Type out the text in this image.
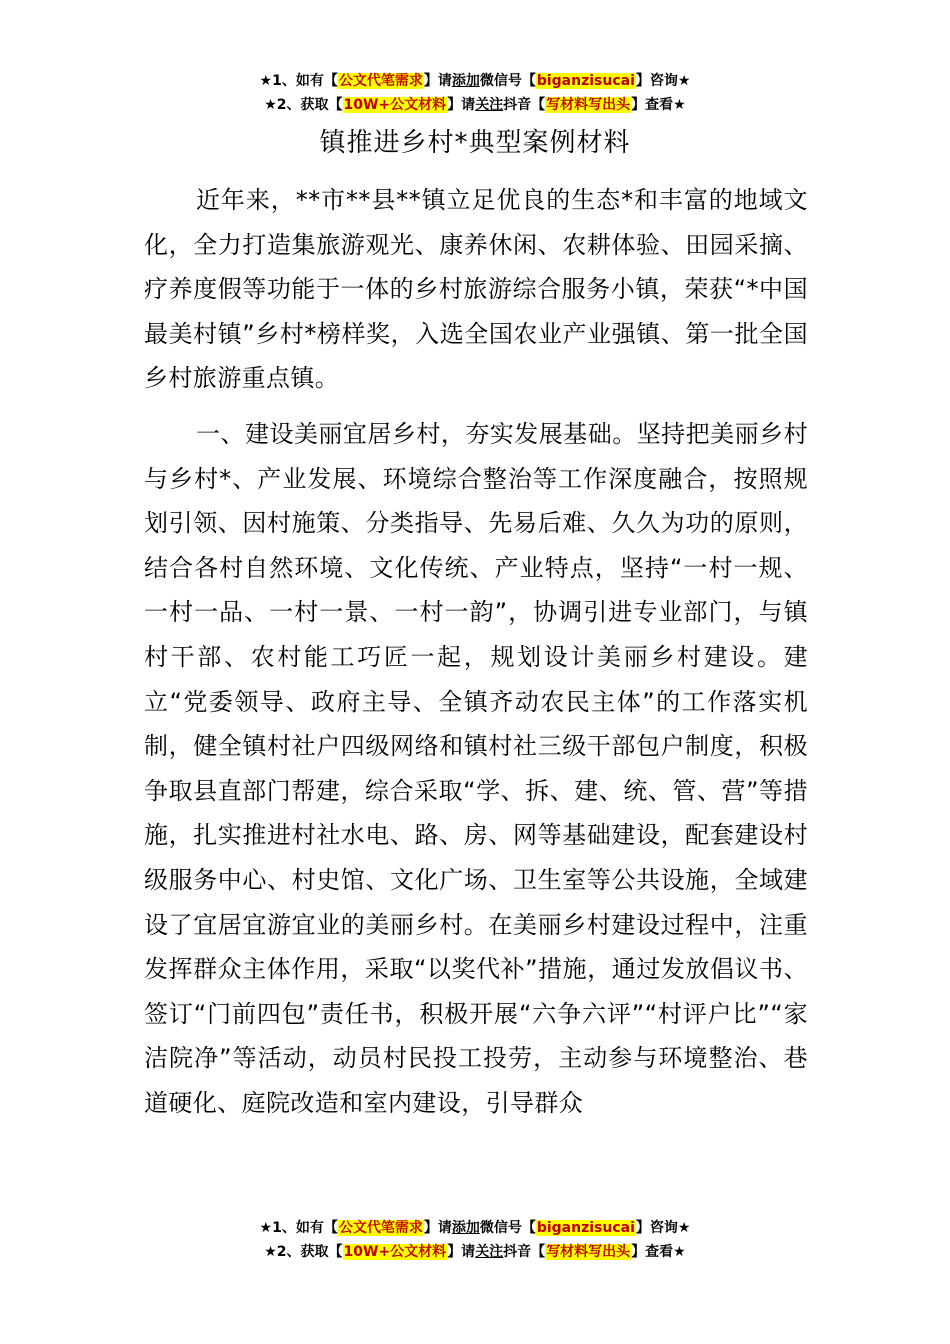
★1、如有【公文代笔需求】请添加微信号【biganzisucai】咨询★
★2、获取【10W+公文材料】请关注抖音【写材料写出头】查看★
镇推进乡村*典型案例材料

近年来，**市**县**镇立足优良的生态*和丰富的地域文化，全力打造集旅游观光、康养休闲、农耕体验、田园采摘、疗养度假等功能于一体的乡村旅游综合服务小镇，荣获“*中国最美村镇”乡村*榜样奖，入选全国农业产业强镇、第一批全国乡村旅游重点镇。

一、建设美丽宜居乡村，夯实发展基础。坚持把美丽乡村与乡村*、产业发展、环境综合整治等工作深度融合，按照规划引领、因村施策、分类指导、先易后难、久久为功的原则，结合各村自然环境、文化传统、产业特点，坚持“一村一规、一村一品、一村一景、一村一韵”，协调引进专业部门，与镇村干部、农村能工巧匠一起，规划设计美丽乡村建设。建立“党委领导、政府主导、全镇齐动农民主体”的工作落实机制，健全镇村社户四级网络和镇村社三级干部包户制度，积极争取县直部门帮建，综合采取“学、拆、建、统、管、营”等措施，扎实推进村社水电、路、房、网等基础建设，配套建设村级服务中心、村史馆、文化广场、卫生室等公共设施，全域建设了宜居宜游宜业的美丽乡村。在美丽乡村建设过程中，注重发挥群众主体作用，采取“以奖代补”措施，通过发放倡议书、签订“门前四包”责任书，积极开展“六争六评”“村评户比”“家洁院净”等活动，动员村民投工投劳，主动参与环境整治、巷道硬化、庭院改造和室内建设，引导群众

★1、如有【公文代笔需求】请添加微信号【biganzisucai】咨询★
★2、获取【10W+公文材料】请关注抖音【写材料写出头】查看★
